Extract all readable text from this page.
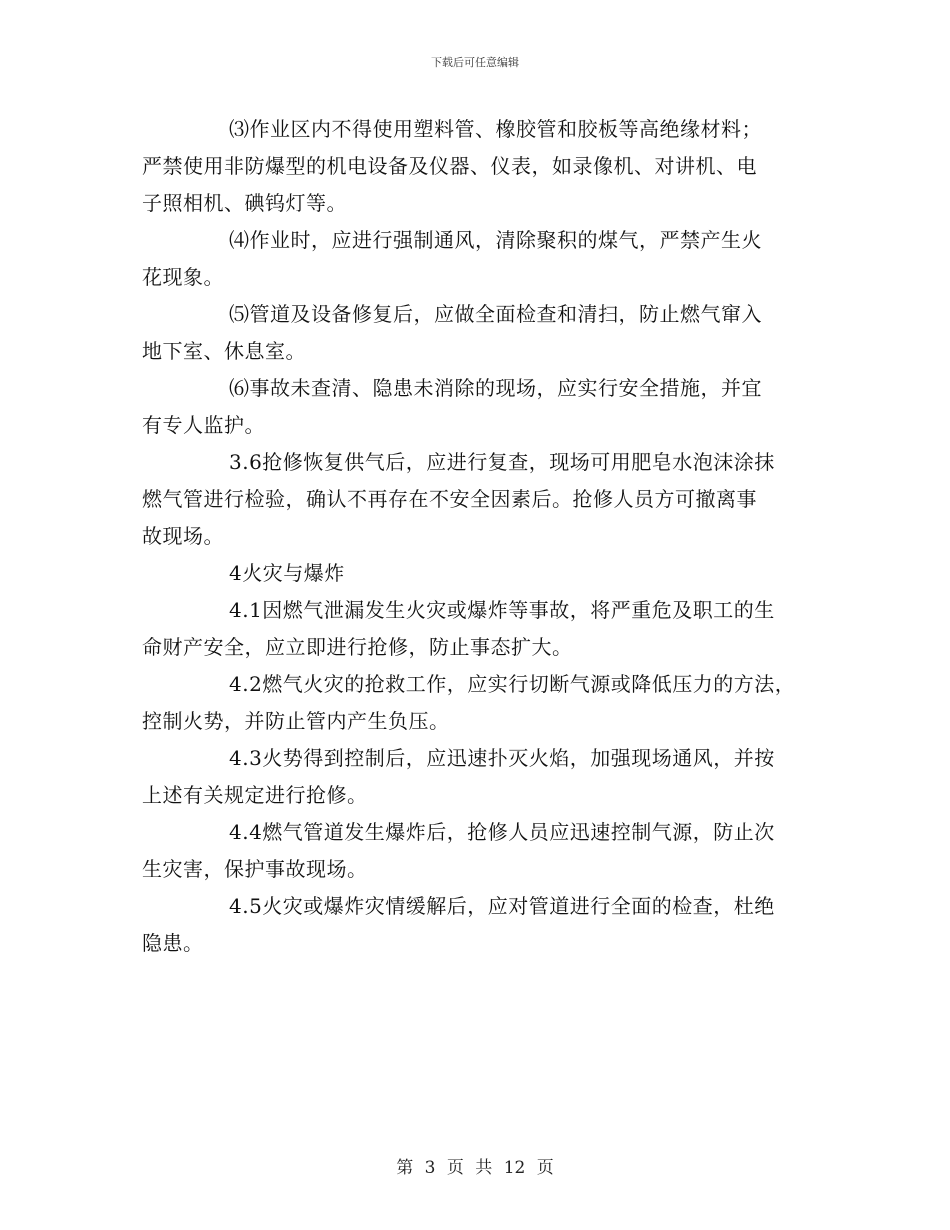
下载后可任意编辑

⑶作业区内不得使用塑料管、橡胶管和胶板等高绝缘材料；
严禁使用非防爆型的机电设备及仪器、仪表，如录像机、对讲机、电
子照相机、碘钨灯等。

⑷作业时，应进行强制通风，清除聚积的煤气，严禁产生火
花现象。

⑸管道及设备修复后，应做全面检查和清扫，防止燃气窜入
地下室、休息室。

⑹事故未查清、隐患未消除的现场，应实行安全措施，并宜
有专人监护。

3.6抢修恢复供气后，应进行复查，现场可用肥皂水泡沫涂抹
燃气管进行检验，确认不再存在不安全因素后。抢修人员方可撤离事
故现场。

4火灾与爆炸

4.1因燃气泄漏发生火灾或爆炸等事故，将严重危及职工的生
命财产安全，应立即进行抢修，防止事态扩大。

4.2燃气火灾的抢救工作，应实行切断气源或降低压力的方法，
控制火势，并防止管内产生负压。

4.3火势得到控制后，应迅速扑灭火焰，加强现场通风，并按
上述有关规定进行抢修。

4.4燃气管道发生爆炸后，抢修人员应迅速控制气源，防止次
生灾害，保护事故现场。

4.5火灾或爆炸灾情缓解后，应对管道进行全面的检查，杜绝
隐患。

第 3 页 共 12 页
